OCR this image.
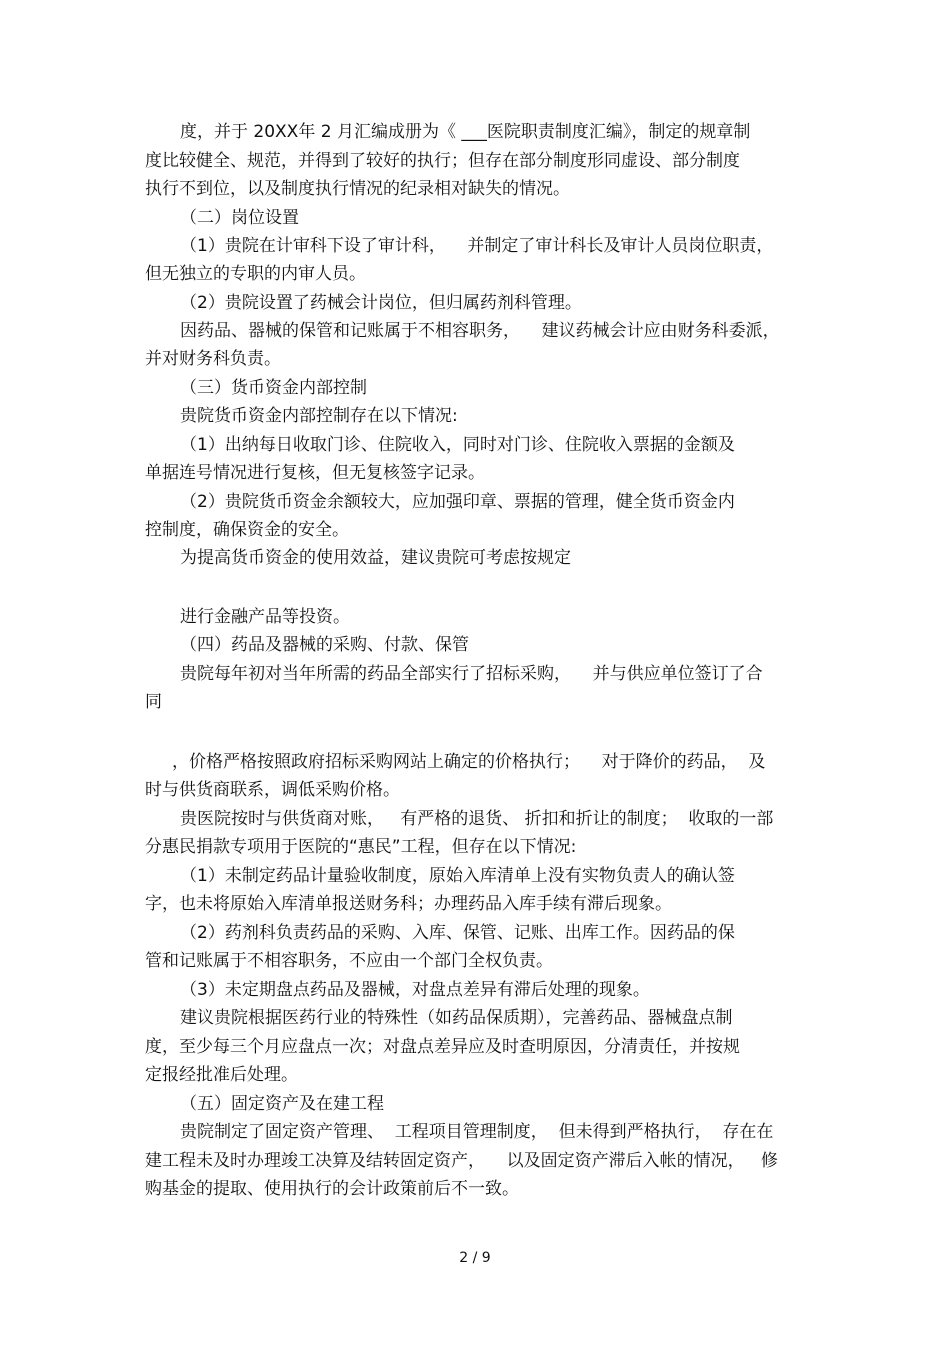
度，并于 20XX年 2 月汇编成册为《 ___医院职责制度汇编》，制定的规章制
度比较健全、规范，并得到了较好的执行；但存在部分制度形同虚设、部分制度
执行不到位，以及制度执行情况的纪录相对缺失的情况。
（二）岗位设置
（1）贵院在计审科下设了审计科，    并制定了审计科长及审计人员岗位职责，
但无独立的专职的内审人员。
（2）贵院设置了药械会计岗位，但归属药剂科管理。
因药品、器械的保管和记账属于不相容职务，    建议药械会计应由财务科委派，
并对财务科负责。
（三）货币资金内部控制
贵院货币资金内部控制存在以下情况:
（1）出纳每日收取门诊、住院收入，同时对门诊、住院收入票据的金额及
单据连号情况进行复核，但无复核签字记录。
（2）贵院货币资金余额较大，应加强印章、票据的管理，健全货币资金内
控制度，确保资金的安全。
为提高货币资金的使用效益，建议贵院可考虑按规定
进行金融产品等投资。
（四）药品及器械的采购、付款、保管
贵院每年初对当年所需的药品全部实行了招标采购，    并与供应单位签订了合
同
，价格严格按照政府招标采购网站上确定的价格执行；    对于降价的药品，  及
时与供货商联系，调低采购价格。
贵医院按时与供货商对账，   有严格的退货、 折扣和折让的制度；  收取的一部
分惠民捐款专项用于医院的“惠民”工程，但存在以下情况:
（1）未制定药品计量验收制度，原始入库清单上没有实物负责人的确认签
字，也未将原始入库清单报送财务科；办理药品入库手续有滞后现象。
（2）药剂科负责药品的采购、入库、保管、记账、出库工作。因药品的保
管和记账属于不相容职务，不应由一个部门全权负责。
（3）未定期盘点药品及器械，对盘点差异有滞后处理的现象。
建议贵院根据医药行业的特殊性（如药品保质期），完善药品、器械盘点制
度，至少每三个月应盘点一次；对盘点差异应及时查明原因，分清责任，并按规
定报经批准后处理。
（五）固定资产及在建工程
贵院制定了固定资产管理、  工程项目管理制度，  但未得到严格执行，  存在在
建工程未及时办理竣工决算及结转固定资产，    以及固定资产滞后入帐的情况，   修
购基金的提取、使用执行的会计政策前后不一致。
2 / 9
